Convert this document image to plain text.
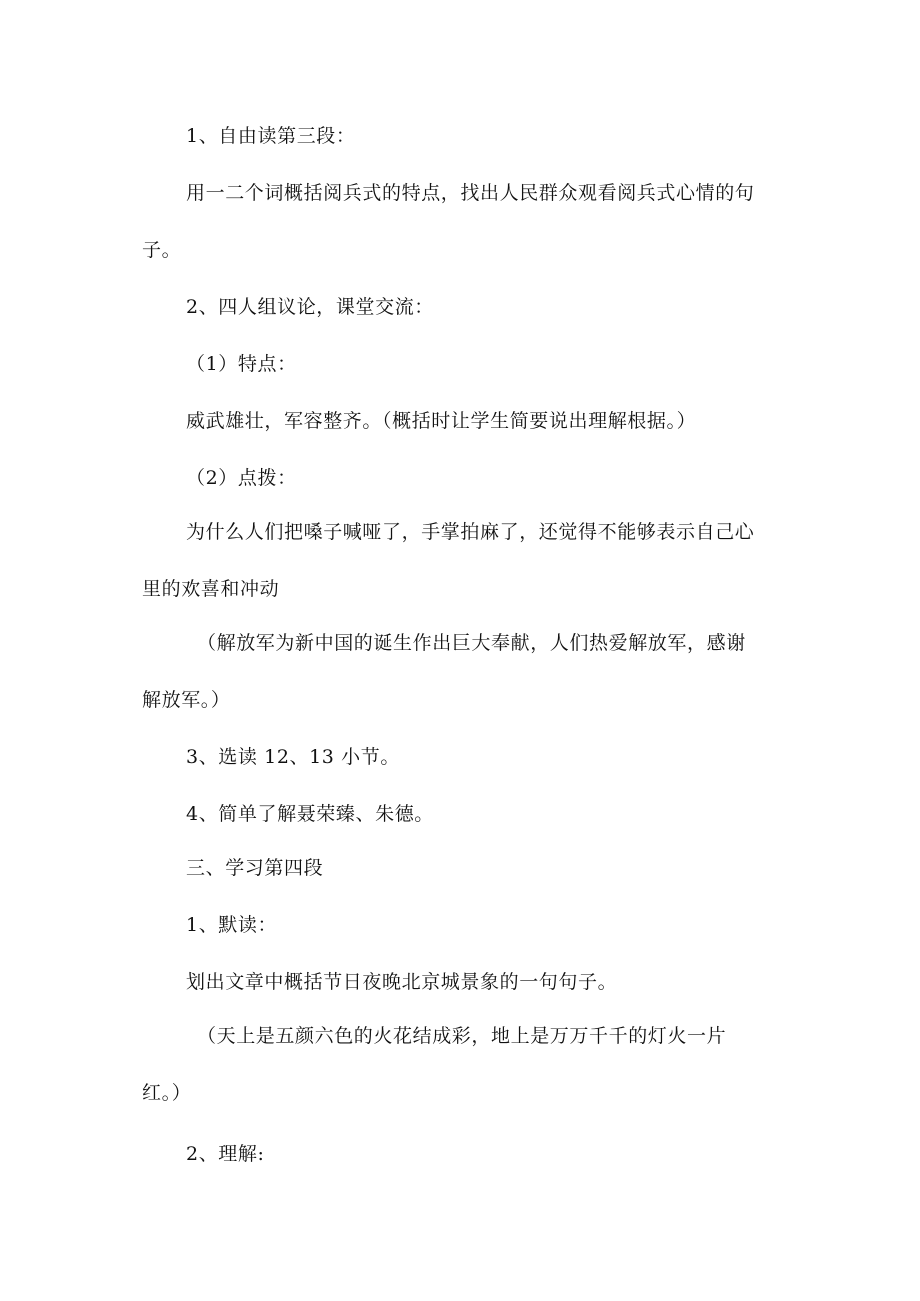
1、自由读第三段：
用一二个词概括阅兵式的特点，找出人民群众观看阅兵式心情的句
子。
2、四人组议论，课堂交流：
（1）特点：
威武雄壮，军容整齐。（概括时让学生简要说出理解根据。）
（2）点拨：
为什么人们把嗓子喊哑了，手掌拍麻了，还觉得不能够表示自己心
里的欢喜和冲动
（解放军为新中国的诞生作出巨大奉献，人们热爱解放军，感谢
解放军。）
3、选读 12、13 小节。
4、简单了解聂荣臻、朱德。
三、学习第四段
1、默读：
划出文章中概括节日夜晚北京城景象的一句句子。
（天上是五颜六色的火花结成彩，地上是万万千千的灯火一片
红。）
2、理解:
